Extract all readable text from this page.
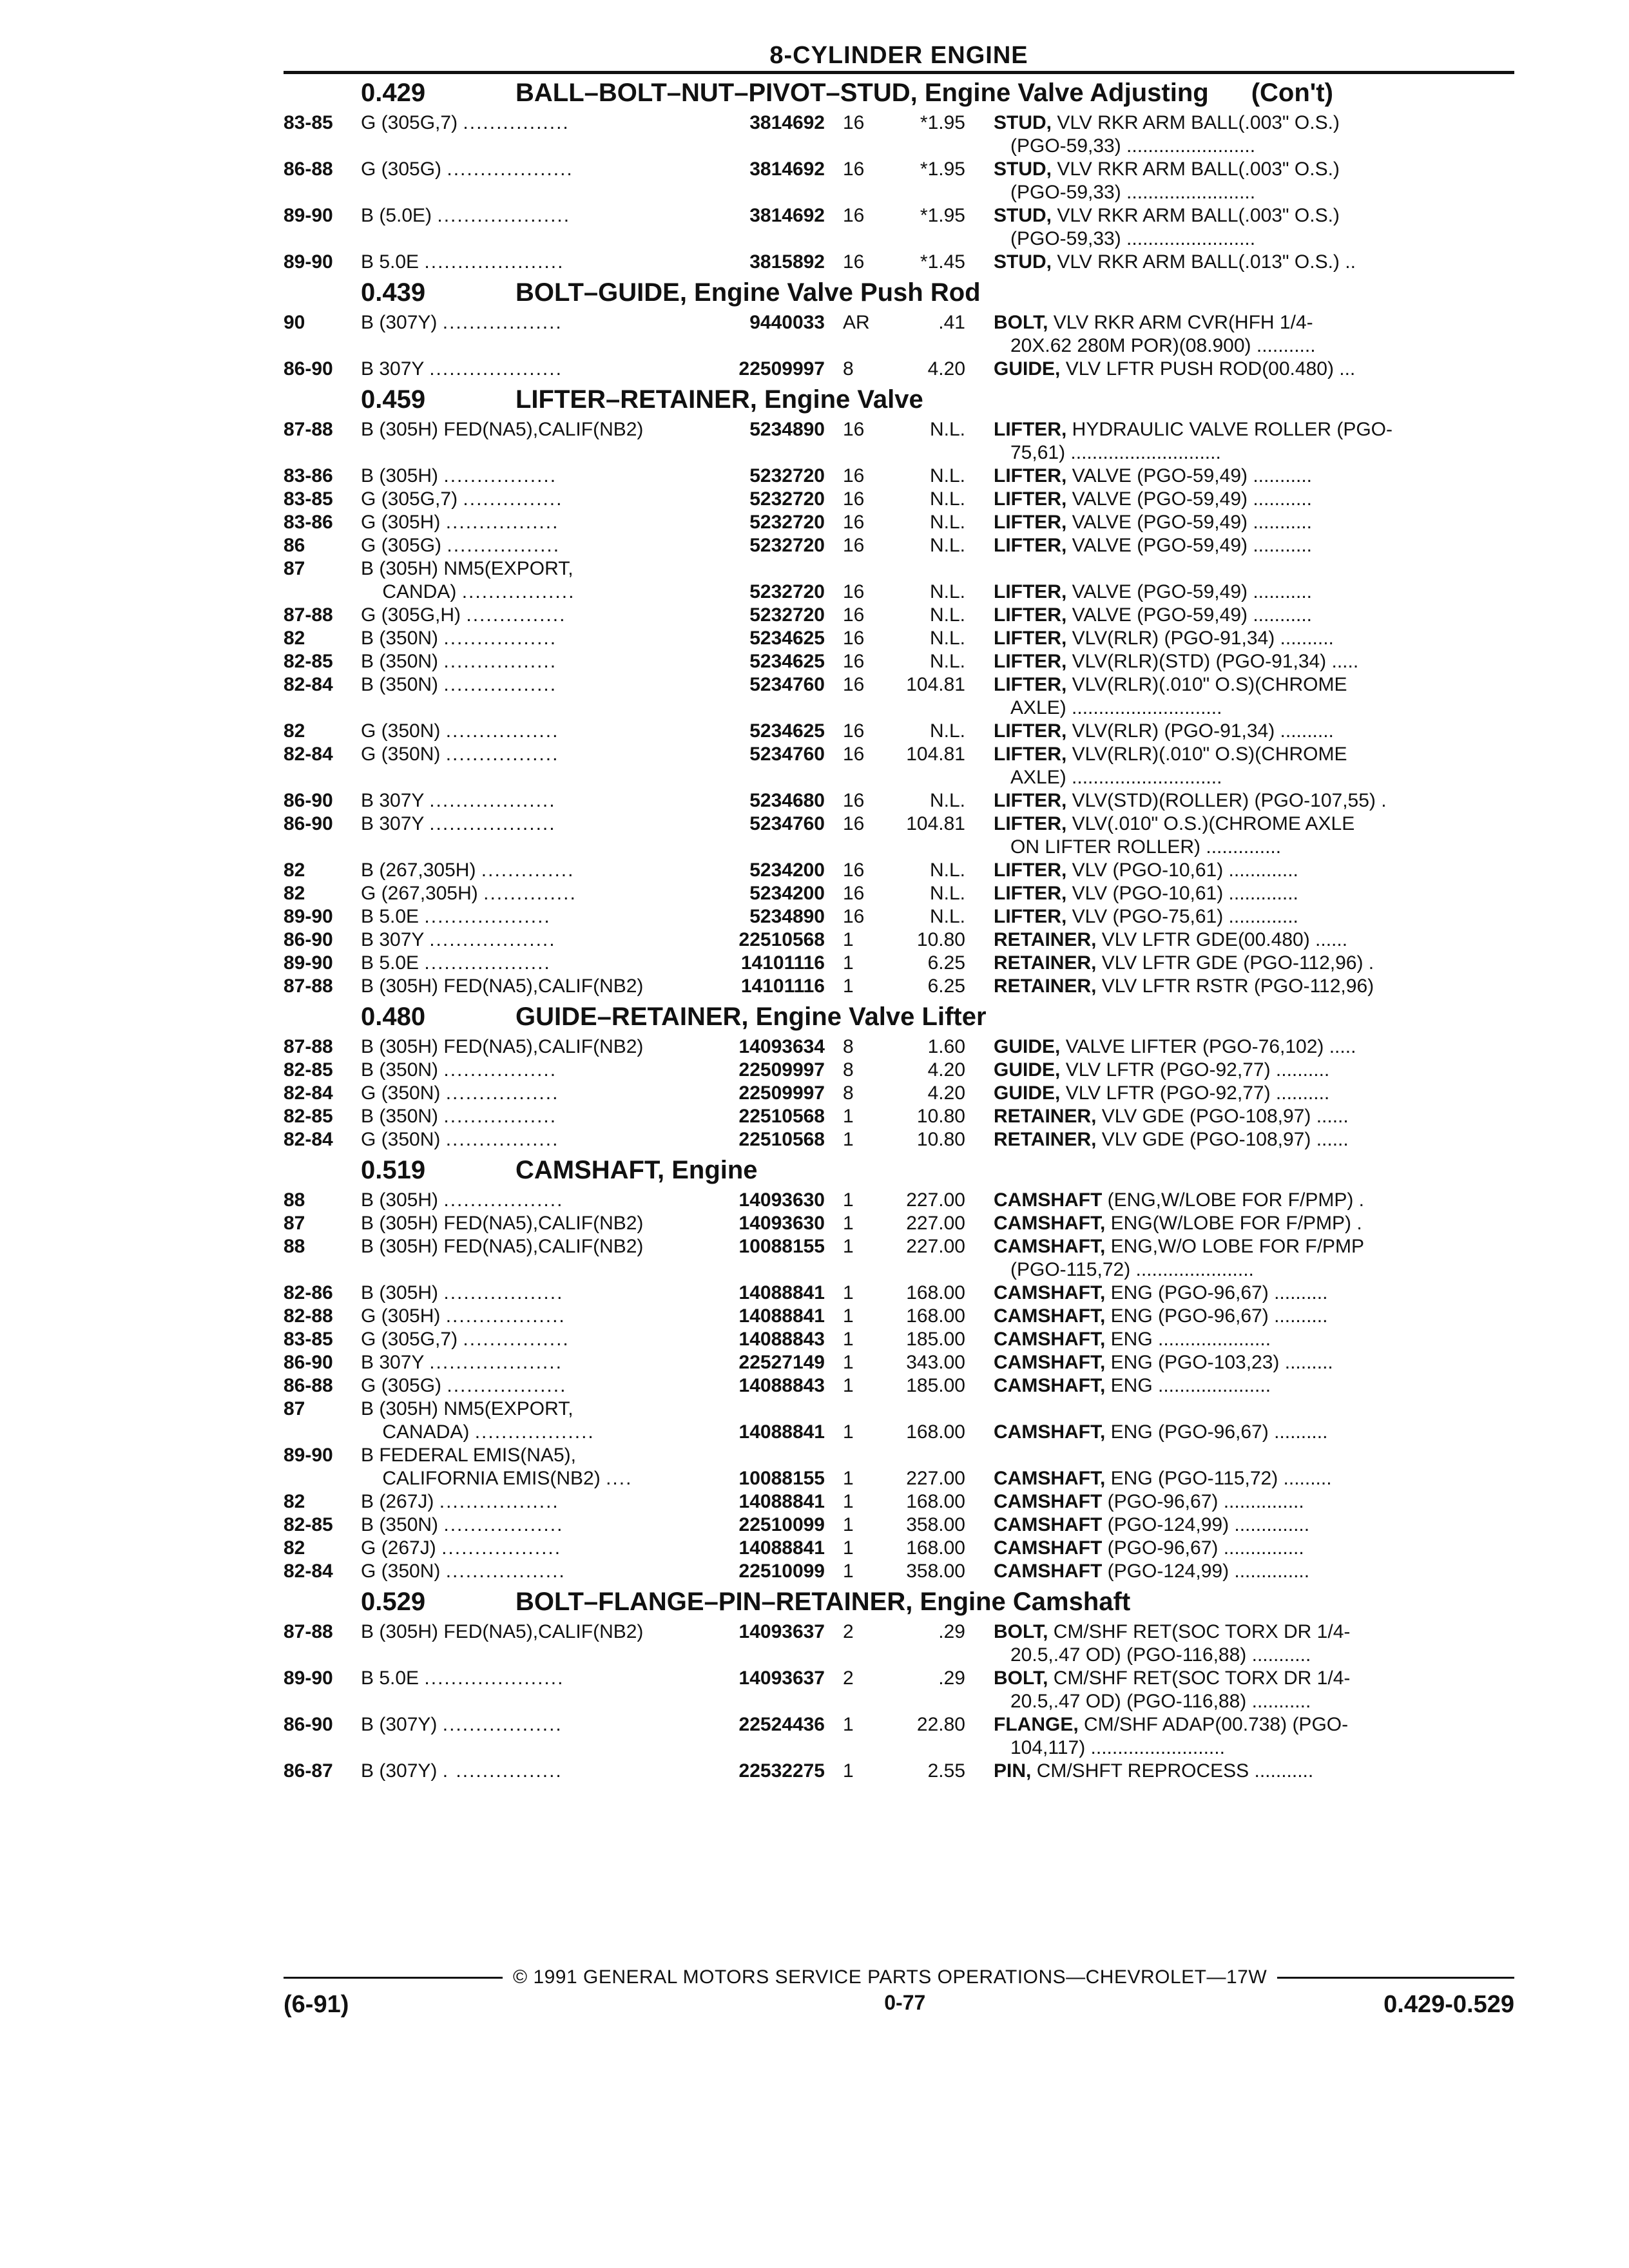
8-CYLINDER ENGINE
0.429	BALL–BOLT–NUT–PIVOT–STUD, Engine Valve Adjusting (Con't)
83-85	G (305G,7) ................	3814692 16	*1.95	STUD, VLV RKR ARM BALL(.003" O.S.)
(PGO-59,33) ........................
86-88	G (305G) ...................	3814692 16	*1.95	STUD, VLV RKR ARM BALL(.003" O.S.)
(PGO-59,33) ........................
89-90	B (5.0E) ....................	3814692 16	*1.95	STUD, VLV RKR ARM BALL(.003" O.S.)
(PGO-59,33) ........................
89-90	B 5.0E .....................	3815892 16	*1.45	STUD, VLV RKR ARM BALL(.013" O.S.) ..
0.439	BOLT–GUIDE, Engine Valve Push Rod
90	B (307Y) ..................	9440033 AR	.41	BOLT, VLV RKR ARM CVR(HFH 1/4-
20X.62 280M POR)(08.900) ...........
86-90	B 307Y ....................	22509997 8	4.20	GUIDE, VLV LFTR PUSH ROD(00.480) ...
0.459	LIFTER–RETAINER, Engine Valve
87-88	B (305H) FED(NA5),CALIF(NB2)	5234890 16	N.L.	LIFTER, HYDRAULIC VALVE ROLLER (PGO-
75,61) ............................
83-86	B (305H) .................	5232720 16	N.L.	LIFTER, VALVE (PGO-59,49) ...........
83-85	G (305G,7) ...............	5232720 16	N.L.	LIFTER, VALVE (PGO-59,49) ...........
83-86	G (305H) .................	5232720 16	N.L.	LIFTER, VALVE (PGO-59,49) ...........
86	G (305G) .................	5232720 16	N.L.	LIFTER, VALVE (PGO-59,49) ...........
87	B (305H) NM5(EXPORT,
CANDA) .................	5232720 16	N.L.	LIFTER, VALVE (PGO-59,49) ...........
87-88	G (305G,H) ...............	5232720 16	N.L.	LIFTER, VALVE (PGO-59,49) ...........
82	B (350N) .................	5234625 16	N.L.	LIFTER, VLV(RLR) (PGO-91,34) ..........
82-85	B (350N) .................	5234625 16	N.L.	LIFTER, VLV(RLR)(STD) (PGO-91,34) .....
82-84	B (350N) .................	5234760 16	104.81	LIFTER, VLV(RLR)(.010" O.S)(CHROME
AXLE) ............................
82	G (350N) .................	5234625 16	N.L.	LIFTER, VLV(RLR) (PGO-91,34) ..........
82-84	G (350N) .................	5234760 16	104.81	LIFTER, VLV(RLR)(.010" O.S)(CHROME
AXLE) ............................
86-90	B 307Y ...................	5234680 16	N.L.	LIFTER, VLV(STD)(ROLLER) (PGO-107,55) .
86-90	B 307Y ...................	5234760 16	104.81	LIFTER, VLV(.010" O.S.)(CHROME AXLE
ON LIFTER ROLLER) ..............
82	B (267,305H) ..............	5234200 16	N.L.	LIFTER, VLV (PGO-10,61) .............
82	G (267,305H) ..............	5234200 16	N.L.	LIFTER, VLV (PGO-10,61) .............
89-90	B 5.0E ...................	5234890 16	N.L.	LIFTER, VLV (PGO-75,61) .............
86-90	B 307Y ...................	22510568 1	10.80	RETAINER, VLV LFTR GDE(00.480) ......
89-90	B 5.0E ...................	14101116 1	6.25	RETAINER, VLV LFTR GDE (PGO-112,96) .
87-88	B (305H) FED(NA5),CALIF(NB2)	14101116 1	6.25	RETAINER, VLV LFTR RSTR (PGO-112,96)
0.480	GUIDE–RETAINER, Engine Valve Lifter
87-88	B (305H) FED(NA5),CALIF(NB2)	14093634 8	1.60	GUIDE, VALVE LIFTER (PGO-76,102) .....
82-85	B (350N) .................	22509997 8	4.20	GUIDE, VLV LFTR (PGO-92,77) ..........
82-84	G (350N) .................	22509997 8	4.20	GUIDE, VLV LFTR (PGO-92,77) ..........
82-85	B (350N) .................	22510568 1	10.80	RETAINER, VLV GDE (PGO-108,97) ......
82-84	G (350N) .................	22510568 1	10.80	RETAINER, VLV GDE (PGO-108,97) ......
0.519	CAMSHAFT, Engine
88	B (305H) ..................	14093630 1	227.00	CAMSHAFT (ENG,W/LOBE FOR F/PMP) .
87	B (305H) FED(NA5),CALIF(NB2)	14093630 1	227.00	CAMSHAFT, ENG(W/LOBE FOR F/PMP) .
88	B (305H) FED(NA5),CALIF(NB2)	10088155 1	227.00	CAMSHAFT, ENG,W/O LOBE FOR F/PMP
(PGO-115,72) ......................
82-86	B (305H) ..................	14088841 1	168.00	CAMSHAFT, ENG (PGO-96,67) ..........
82-88	G (305H) ..................	14088841 1	168.00	CAMSHAFT, ENG (PGO-96,67) ..........
83-85	G (305G,7) ................	14088843 1	185.00	CAMSHAFT, ENG .....................
86-90	B 307Y ....................	22527149 1	343.00	CAMSHAFT, ENG (PGO-103,23) .........
86-88	G (305G) ..................	14088843 1	185.00	CAMSHAFT, ENG .....................
87	B (305H) NM5(EXPORT,
CANADA) ..................	14088841 1	168.00	CAMSHAFT, ENG (PGO-96,67) ..........
89-90	B FEDERAL EMIS(NA5),
CALIFORNIA EMIS(NB2) ....	10088155 1	227.00	CAMSHAFT, ENG (PGO-115,72) .........
82	B (267J) ..................	14088841 1	168.00	CAMSHAFT (PGO-96,67) ...............
82-85	B (350N) ..................	22510099 1	358.00	CAMSHAFT (PGO-124,99) ..............
82	G (267J) ..................	14088841 1	168.00	CAMSHAFT (PGO-96,67) ...............
82-84	G (350N) ..................	22510099 1	358.00	CAMSHAFT (PGO-124,99) ..............
0.529	BOLT–FLANGE–PIN–RETAINER, Engine Camshaft
87-88	B (305H) FED(NA5),CALIF(NB2)	14093637 2	.29	BOLT, CM/SHF RET(SOC TORX DR 1/4-
20.5,.47 OD) (PGO-116,88) ...........
89-90	B 5.0E .....................	14093637 2	.29	BOLT, CM/SHF RET(SOC TORX DR 1/4-
20.5,.47 OD) (PGO-116,88) ...........
86-90	B (307Y) ..................	22524436 1	22.80	FLANGE, CM/SHF ADAP(00.738) (PGO-
104,117) .........................
86-87	B (307Y) . ................	22532275 1	2.55	PIN, CM/SHFT REPROCESS ...........
© 1991 GENERAL MOTORS SERVICE PARTS OPERATIONS—CHEVROLET—17W
(6-91)	0-77	0.429-0.529
